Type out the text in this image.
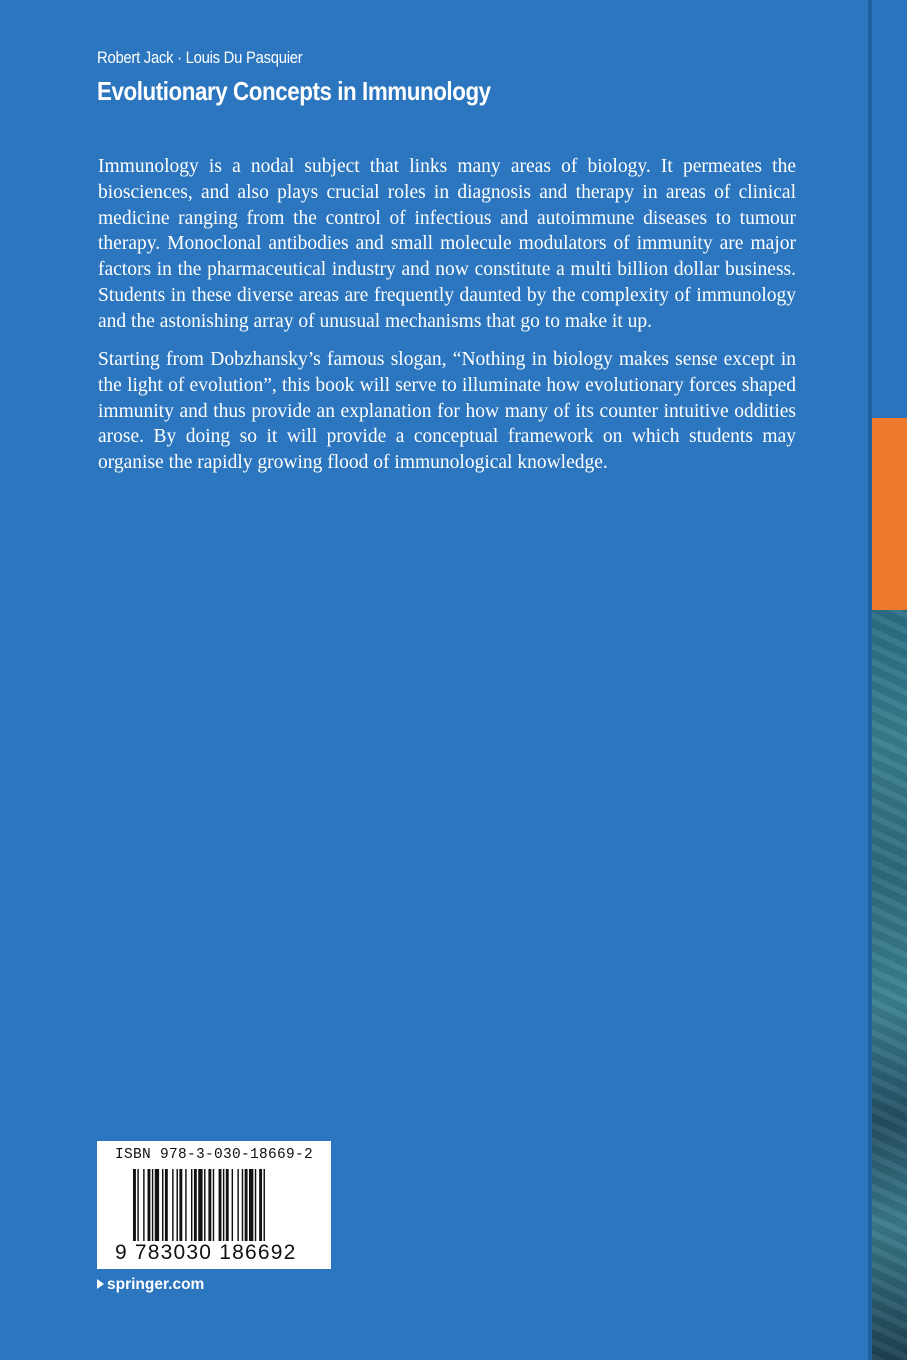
Robert Jack · Louis Du Pasquier
Evolutionary Concepts in Immunology

Immunology is a nodal subject that links many areas of biology. It permeates the biosciences, and also plays crucial roles in diagnosis and therapy in areas of clinical medicine ranging from the control of infectious and autoimmune diseases to tumour therapy. Monoclonal antibodies and small molecule modulators of immunity are major factors in the pharmaceutical industry and now constitute a multi billion dollar business. Students in these diverse areas are frequently daunted by the complexity of immunology and the astonishing array of unusual mechanisms that go to make it up.

Starting from Dobzhansky’s famous slogan, “Nothing in biology makes sense except in the light of evolution”, this book will serve to illuminate how evolutionary forces shaped immunity and thus provide an explanation for how many of its counter intuitive oddities arose. By doing so it will provide a conceptual framework on which students may organise the rapidly growing flood of immunological knowledge.

ISBN 978-3-030-18669-2
9 783030 186692
springer.com
